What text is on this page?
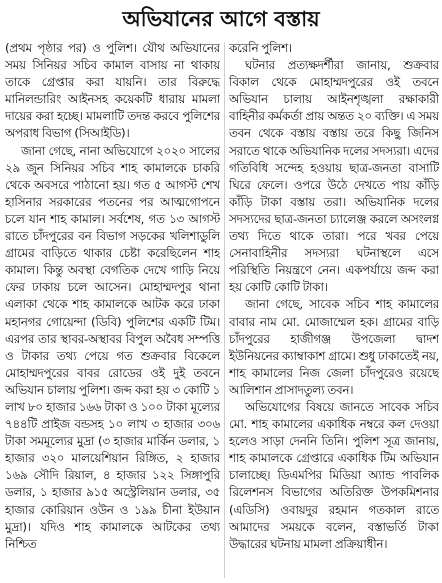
অভিযানের আগে বস্তায়

(প্রথম পৃষ্ঠার পর) ও পুলিশ। যৌথ অভিযানের সময় সিনিয়র সচিব কামাল বাসায় না থাকায় তাকে গ্রেপ্তার করা যায়নি। তার বিরুদ্ধে মানিলন্ডারিং আইনসহ কয়েকটি ধারায় মামলা দায়ের করা হচ্ছে। মামলাটি তদন্ত করবে পুলিশের অপরাধ বিভাগ (সিআইডি)।

জানা গেছে, নানা অভিযোগে ২০২০ সালের ২৯ জুন সিনিয়র সচিব শাহ কামালকে চাকরি থেকে অবসরে পাঠানো হয়। গত ৫ আগস্ট শেখ হাসিনার সরকারের পতনের পর আত্মগোপনে চলে যান শাহ কামাল। সর্বশেষ, গত ১৩ আগস্ট রাতে চাঁদপুরের বন বিভাগ সড়কের খলিশাডুলি গ্রামের বাড়িতে থাকার চেষ্টা করেছিলেন শাহ কামাল। কিন্তু অবস্থা বেগতিক দেখে গাড়ি নিয়ে ফের ঢাকায় চলে আসেন। মোহাম্মদপুর থানা এলাকা থেকে শাহ কামালকে আটক করে ঢাকা মহানগর গোয়েন্দা (ডিবি) পুলিশের একটি টিম। এরপর তার স্থাবর-অস্থাবর বিপুল অবৈধ সম্পত্তি ও টাকার তথ্য পেয়ে গত শুক্রবার বিকেলে মোহাম্মদপুরের বাবর রোডের ওই দুই তবনে অভিযান চালায় পুলিশ। জব্দ করা হয় ৩ কোটি ১ লাখ ৮০ হাজার ১৬৬ টাকা ও ১০০ টাকা মূল্যের ৭৪৪টি প্রাইজ বন্ডসহ ১০ লাখ ৩ হাজার ৩০৬ টাকা সমমূল্যের মুদ্রা (৩ হাজার মার্কিন ডলার, ১ হাজার ৩২০ মালয়েশিয়ান রিঙ্গিত, ২ হাজার ১৬৯ সৌদি রিয়াল, ৪ হাজার ১২২ সিঙ্গাপুরি ডলার, ১ হাজার ৯১৫ অস্ট্রেলিয়ান ডলার, ৩৫ হাজার কোরিয়ান ওউন ও ১৯৯ চীনা ইউয়ান মুদ্রা)। যদিও শাহ কামালকে আটকের তথ্য নিশ্চিত

করেনি পুলিশ।

ঘটনার প্রত্যক্ষদর্শীরা জানায়, শুক্রবার বিকাল থেকে মোহাম্মদপুরের ওই তবনে অভিযান চালায় আইনশৃঙ্খলা রক্ষাকারী বাহিনীর কর্মকর্তা প্রায় অন্তত ২০ ব্যক্তি। এ সময় তবন থেকে বস্তায় বস্তায় তরে কিছু জিনিস সরাতে থাকে অভিযানিক দলের সদস্যরা। এদের গতিবিধি সন্দেহ হওয়ায় ছাত্র-জনতা বাসাটি ঘিরে ফেলে। ওপরে উঠে দেখতে পায় কাঁড়ি কাঁড়ি টাকা বস্তায় তরা। অভিযানিক দলের সদস্যদের ছাত্র-জনতা চ্যালেঞ্জ করলে অসংলগ্ন তথ্য দিতে থাকে তারা। পরে খবর পেয়ে সেনাবাহিনীর সদস্যরা ঘটনাস্থলে এসে পরিস্থিতি নিয়ন্ত্রণে নেন। একপর্যায়ে জব্দ করা হয় কোটি কোটি টাকা।

জানা গেছে, সাবেক সচিব শাহ কামালের বাবার নাম মো. মোজাম্মেল হক। গ্রামের বাড়ি চাঁদপুরের হাজীগঞ্জ উপজেলা দ্বাদশ ইউনিয়নের ক্যাম্বাকাশ গ্রামে। শুধু ঢাকাতেই নয়, শাহ কামালের নিজ জেলা চাঁদপুরেও রয়েছে আলিশান প্রাসাদতুল্য তবন।

অভিযোগের বিষয়ে জানতে সাবেক সচিব মো. শাহ কামালের একাধিক নম্বরে কল দেওয়া হলেও সাড়া দেননি তিনি। পুলিশ সূত্র জানায়, শাহ কামালকে গ্রেপ্তারে একাধিক টিম অভিযান চালাচ্ছে। ডিএমপির মিডিয়া অ্যান্ড পাবলিক রিলেশনস বিভাগের অতিরিক্ত উপকমিশনার (এডিসি) ওবায়দুর রহমান গতকাল রাতে আমাদের সময়কে বলেন, বস্তাভর্তি টাকা উদ্ধারের ঘটনায় মামলা প্রক্রিয়াধীন।
